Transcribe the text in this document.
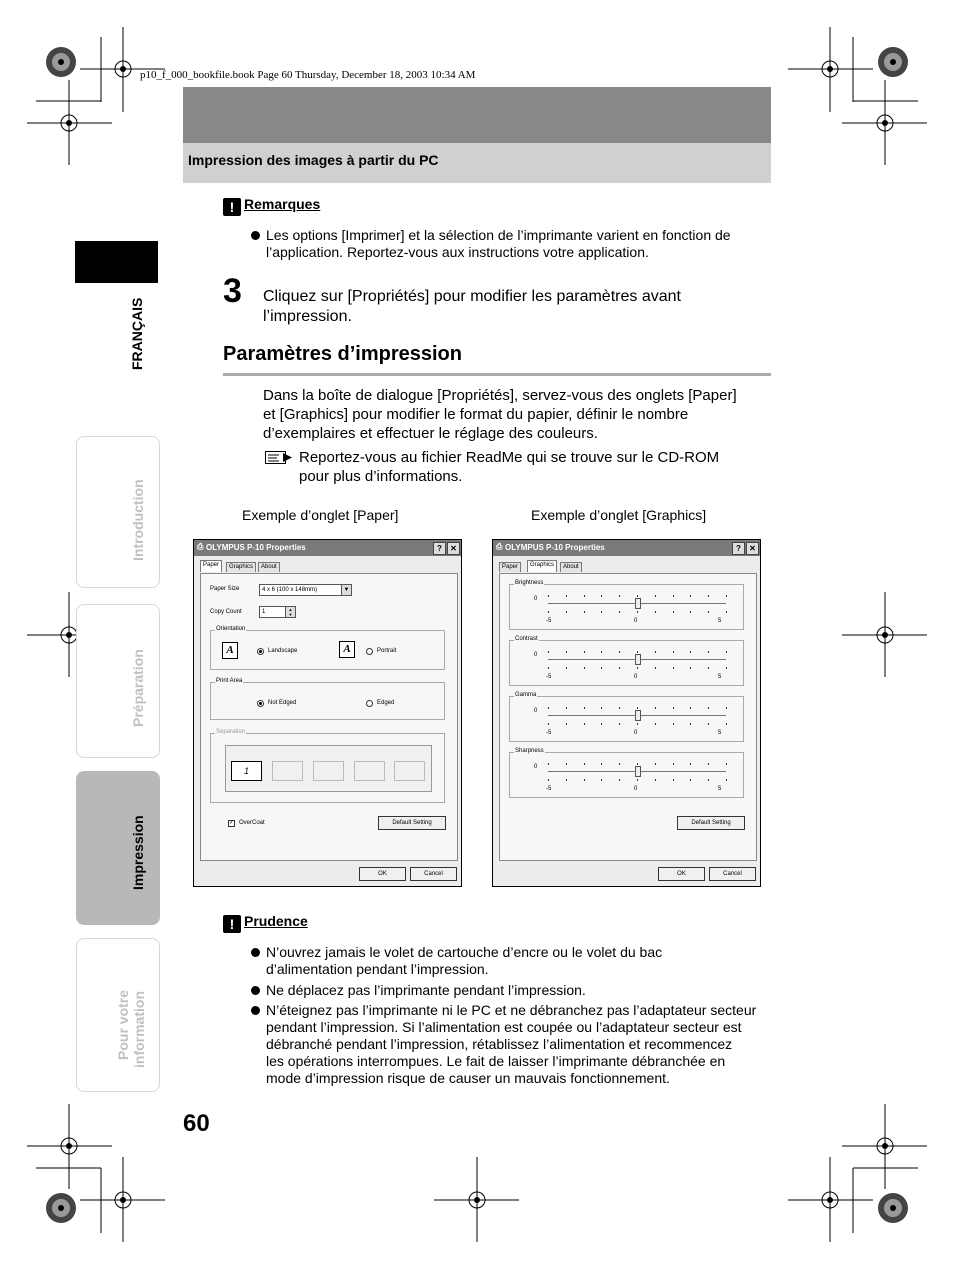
p10_f_000_bookfile.book Page 60 Thursday, December 18, 2003 10:34 AM
Impression des images à partir du PC
FRANÇAIS
Introduction
Préparation
Impression
Pour votre information
! Remarques
Les options [Imprimer] et la sélection de l’imprimante varient en fonction de
l’application. Reportez-vous aux instructions votre application.
3 Cliquez sur [Propriétés] pour modifier les paramètres avant
l’impression.
Paramètres d’impression
Dans la boîte de dialogue [Propriétés], servez-vous des onglets [Paper]
et [Graphics] pour modifier le format du papier, définir le nombre
d’exemplaires et effectuer le réglage des couleurs.
Reportez-vous au fichier ReadMe qui se trouve sur le CD-ROM
pour plus d’informations.
Exemple d’onglet [Paper]	Exemple d’onglet [Graphics]
⎙ OLYMPUS P-10 Properties	?	✕
Paper	Graphics	About
Paper Size	4 x 6 (100 x 148mm)	▼
Copy Count	1	▲
▼
Orientation
A	Landscape	A	Portrait
Print Area
Not Edged	Edged
Separation
1
✓ OverCoat	Default Setting
OK	Cancel
⎙ OLYMPUS P-10 Properties	?	✕
Paper	Graphics	About
Default Setting
Brightness
0
-5	0	5
Contrast
0
-5	0	5
Gamma
0
-5	0	5
Sharpness
0
-5	0	5
OK	Cancel
! Prudence
N’ouvrez jamais le volet de cartouche d’encre ou le volet du bac
d’alimentation pendant l’impression.
Ne déplacez pas l’imprimante pendant l’impression.
N’éteignez pas l’imprimante ni le PC et ne débranchez pas l’adaptateur secteur
pendant l’impression. Si l’alimentation est coupée ou l’adaptateur secteur est
débranché pendant l’impression, rétablissez l’alimentation et recommencez
les opérations interrompues. Le fait de laisser l’imprimante débranchée en
mode d’impression risque de causer un mauvais fonctionnement.
60
